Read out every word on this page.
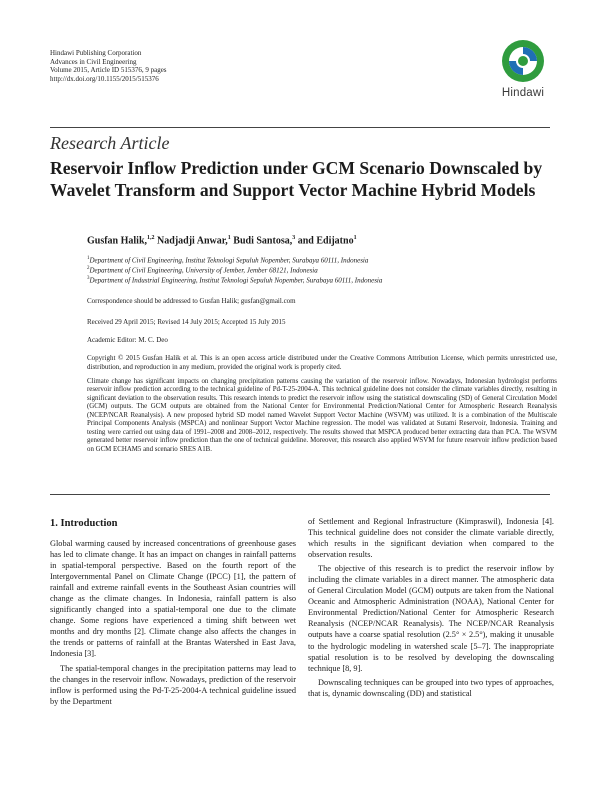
Hindawi Publishing Corporation
Advances in Civil Engineering
Volume 2015, Article ID 515376, 9 pages
http://dx.doi.org/10.1155/2015/515376
Hindawi
Research Article
Reservoir Inflow Prediction under GCM Scenario Downscaled by Wavelet Transform and Support Vector Machine Hybrid Models
Gusfan Halik,$^{1,2}$ Nadjadji Anwar,$^1$ Budi Santosa,$^3$ and Edijatno$^1$
$^1$Department of Civil Engineering, Institut Teknologi Sepuluh Nopember, Surabaya 60111, Indonesia
$^2$Department of Civil Engineering, University of Jember, Jember 68121, Indonesia
$^3$Department of Industrial Engineering, Institut Teknologi Sepuluh Nopember, Surabaya 60111, Indonesia
Correspondence should be addressed to Gusfan Halik; gusfan@gmail.com
Received 29 April 2015; Revised 14 July 2015; Accepted 15 July 2015
Academic Editor: M. C. Deo
Copyright © 2015 Gusfan Halik et al. This is an open access article distributed under the Creative Commons Attribution License, which permits unrestricted use, distribution, and reproduction in any medium, provided the original work is properly cited.
Climate change has significant impacts on changing precipitation patterns causing the variation of the reservoir inflow. Nowadays, Indonesian hydrologist performs reservoir inflow prediction according to the technical guideline of Pd-T-25-2004-A. This technical guideline does not consider the climate variables directly, resulting in significant deviation to the observation results. This research intends to predict the reservoir inflow using the statistical downscaling (SD) of General Circulation Model (GCM) outputs. The GCM outputs are obtained from the National Center for Environmental Prediction/National Center for Atmospheric Research Reanalysis (NCEP/NCAR Reanalysis). A new proposed hybrid SD model named Wavelet Support Vector Machine (WSVM) was utilized. It is a combination of the Multiscale Principal Components Analysis (MSPCA) and nonlinear Support Vector Machine regression. The model was validated at Sutami Reservoir, Indonesia. Training and testing were carried out using data of 1991–2008 and 2008–2012, respectively. The results showed that MSPCA produced better extracting data than PCA. The WSVM generated better reservoir inflow prediction than the one of technical guideline. Moreover, this research also applied WSVM for future reservoir inflow prediction based on GCM ECHAM5 and scenario SRES A1B.
1. Introduction

Global warming caused by increased concentrations of greenhouse gases has led to climate change. It has an impact on changes in rainfall patterns in spatial-temporal perspective. Based on the fourth report of the Intergovernmental Panel on Climate Change (IPCC) [1], the pattern of rainfall and extreme rainfall events in the Southeast Asian countries will change as the climate changes. In Indonesia, rainfall pattern is also significantly changed into a spatial-temporal one due to the climate change. Some regions have experienced a timing shift between wet months and dry months [2]. Climate change also affects the changes in the trends or patterns of rainfall at the Brantas Watershed in East Java, Indonesia [3].

The spatial-temporal changes in the precipitation patterns may lead to the changes in the reservoir inflow. Nowadays, prediction of the reservoir inflow is performed using the Pd-T-25-2004-A technical guideline issued by the Department

of Settlement and Regional Infrastructure (Kimpraswil), Indonesia [4]. This technical guideline does not consider the climate variable directly, which results in the significant deviation when compared to the observation results.

The objective of this research is to predict the reservoir inflow by including the climate variables in a direct manner. The atmospheric data of General Circulation Model (GCM) outputs are taken from the National Oceanic and Atmospheric Administration (NOAA), National Center for Environmental Prediction/National Center for Atmospheric Research Reanalysis (NCEP/NCAR Reanalysis). The NCEP/NCAR Reanalysis outputs have a coarse spatial resolution (2.5° × 2.5°), making it unusable to the hydrologic modeling in watershed scale [5–7]. The inappropriate spatial resolution is to be resolved by developing the downscaling technique [8, 9].

Downscaling techniques can be grouped into two types of approaches, that is, dynamic downscaling (DD) and statistical
